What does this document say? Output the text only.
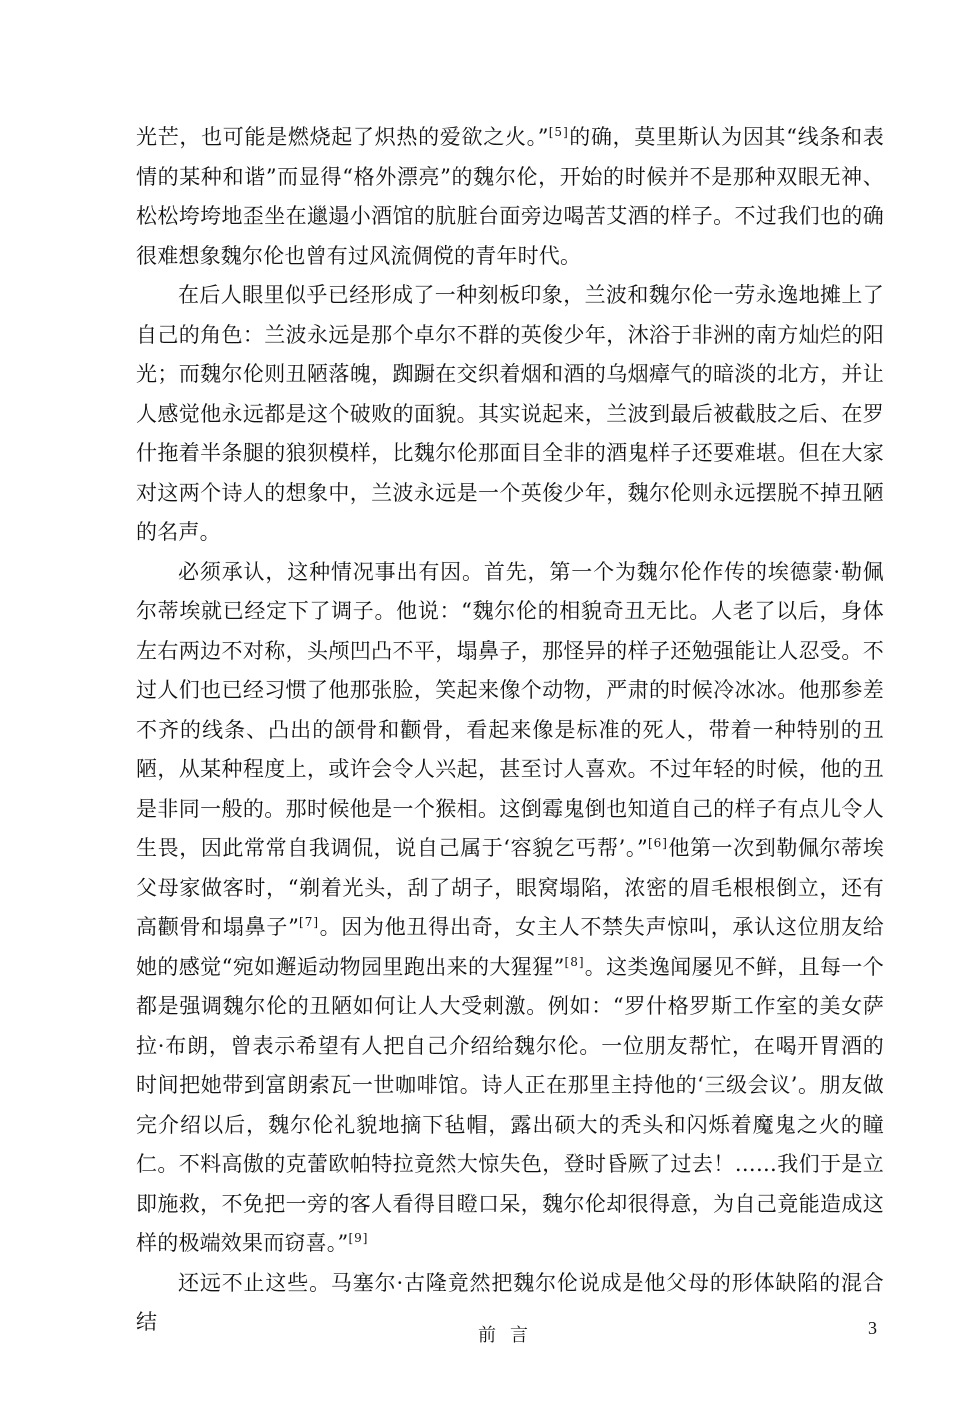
光芒，也可能是燃烧起了炽热的爱欲之火。”[5]的确，莫里斯认为因其“线条和表情的某种和谐”而显得“格外漂亮”的魏尔伦，开始的时候并不是那种双眼无神、松松垮垮地歪坐在邋遢小酒馆的肮脏台面旁边喝苦艾酒的样子。不过我们也的确很难想象魏尔伦也曾有过风流倜傥的青年时代。

在后人眼里似乎已经形成了一种刻板印象，兰波和魏尔伦一劳永逸地摊上了自己的角色：兰波永远是那个卓尔不群的英俊少年，沐浴于非洲的南方灿烂的阳光；而魏尔伦则丑陋落魄，踟蹰在交织着烟和酒的乌烟瘴气的暗淡的北方，并让人感觉他永远都是这个破败的面貌。其实说起来，兰波到最后被截肢之后、在罗什拖着半条腿的狼狈模样，比魏尔伦那面目全非的酒鬼样子还要难堪。但在大家对这两个诗人的想象中，兰波永远是一个英俊少年，魏尔伦则永远摆脱不掉丑陋的名声。

必须承认，这种情况事出有因。首先，第一个为魏尔伦作传的埃德蒙·勒佩尔蒂埃就已经定下了调子。他说：“魏尔伦的相貌奇丑无比。人老了以后，身体左右两边不对称，头颅凹凸不平，塌鼻子，那怪异的样子还勉强能让人忍受。不过人们也已经习惯了他那张脸，笑起来像个动物，严肃的时候冷冰冰。他那参差不齐的线条、凸出的颌骨和颧骨，看起来像是标准的死人，带着一种特别的丑陋，从某种程度上，或许会令人兴起，甚至讨人喜欢。不过年轻的时候，他的丑是非同一般的。那时候他是一个猴相。这倒霉鬼倒也知道自己的样子有点儿令人生畏，因此常常自我调侃，说自己属于‘容貌乞丐帮’。”[6]他第一次到勒佩尔蒂埃父母家做客时，“剃着光头，刮了胡子，眼窝塌陷，浓密的眉毛根根倒立，还有高颧骨和塌鼻子”[7]。因为他丑得出奇，女主人不禁失声惊叫，承认这位朋友给她的感觉“宛如邂逅动物园里跑出来的大猩猩”[8]。这类逸闻屡见不鲜，且每一个都是强调魏尔伦的丑陋如何让人大受刺激。例如：“罗什格罗斯工作室的美女萨拉·布朗，曾表示希望有人把自己介绍给魏尔伦。一位朋友帮忙，在喝开胃酒的时间把她带到富朗索瓦一世咖啡馆。诗人正在那里主持他的‘三级会议’。朋友做完介绍以后，魏尔伦礼貌地摘下毡帽，露出硕大的秃头和闪烁着魔鬼之火的瞳仁。不料高傲的克蕾欧帕特拉竟然大惊失色，登时昏厥了过去！……我们于是立即施救，不免把一旁的客人看得目瞪口呆，魏尔伦却很得意，为自己竟能造成这样的极端效果而窃喜。”[9]

还远不止这些。马塞尔·古隆竟然把魏尔伦说成是他父母的形体缺陷的混合结

前言	3
